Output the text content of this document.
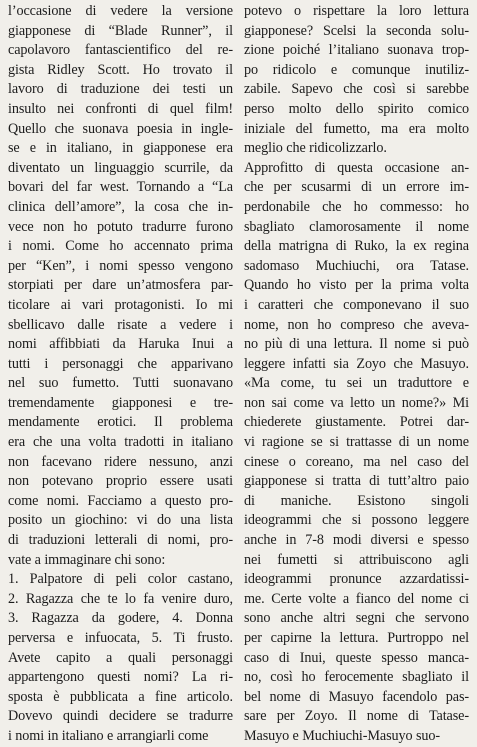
l’occasione di vedere la versione
giapponese di “Blade Runner”, il
capolavoro fantascientifico del re-
gista Ridley Scott. Ho trovato il
lavoro di traduzione dei testi un
insulto nei confronti di quel film!
Quello che suonava poesia in ingle-
se e in italiano, in giapponese era
diventato un linguaggio scurrile, da
bovari del far west. Tornando a “La
clinica dell’amore”, la cosa che in-
vece non ho potuto tradurre furono
i nomi. Come ho accennato prima
per “Ken”, i nomi spesso vengono
storpiati per dare un’atmosfera par-
ticolare ai vari protagonisti. Io mi
sbellicavo dalle risate a vedere i
nomi affibbiati da Haruka Inui a
tutti i personaggi che apparivano
nel suo fumetto. Tutti suonavano
tremendamente giapponesi e tre-
mendamente erotici. Il problema
era che una volta tradotti in italiano
non facevano ridere nessuno, anzi
non potevano proprio essere usati
come nomi. Facciamo a questo pro-
posito un giochino: vi do una lista
di traduzioni letterali di nomi, pro-
vate a immaginare chi sono:
1. Palpatore di peli color castano,
2. Ragazza che te lo fa venire duro,
3. Ragazza da godere, 4. Donna
perversa e infuocata, 5. Ti frusto.
Avete capito a quali personaggi
appartengono questi nomi? La ri-
sposta è pubblicata a fine articolo.
Dovevo quindi decidere se tradurre
i nomi in italiano e arrangiarli come
potevo o rispettare la loro lettura
giapponese? Scelsi la seconda solu-
zione poiché l’italiano suonava trop-
po ridicolo e comunque inutiliz-
zabile. Sapevo che così si sarebbe
perso molto dello spirito comico
iniziale del fumetto, ma era molto
meglio che ridicolizzarlo.
Approfitto di questa occasione an-
che per scusarmi di un errore im-
perdonabile che ho commesso: ho
sbagliato clamorosamente il nome
della matrigna di Ruko, la ex regina
sadomaso Muchiuchi, ora Tatase.
Quando ho visto per la prima volta
i caratteri che componevano il suo
nome, non ho compreso che aveva-
no più di una lettura. Il nome si può
leggere infatti sia Zoyo che Masuyo.
«Ma come, tu sei un traduttore e
non sai come va letto un nome?» Mi
chiederete giustamente. Potrei dar-
vi ragione se si trattasse di un nome
cinese o coreano, ma nel caso del
giapponese si tratta di tutt’altro paio
di maniche. Esistono singoli
ideogrammi che si possono leggere
anche in 7-8 modi diversi e spesso
nei fumetti si attribuiscono agli
ideogrammi pronunce azzardatissi-
me. Certe volte a fianco del nome ci
sono anche altri segni che servono
per capirne la lettura. Purtroppo nel
caso di Inui, queste spesso manca-
no, così ho ferocemente sbagliato il
bel nome di Masuyo facendolo pas-
sare per Zoyo. Il nome di Tatase-
Masuyo e Muchiuchi-Masuyo suo-
